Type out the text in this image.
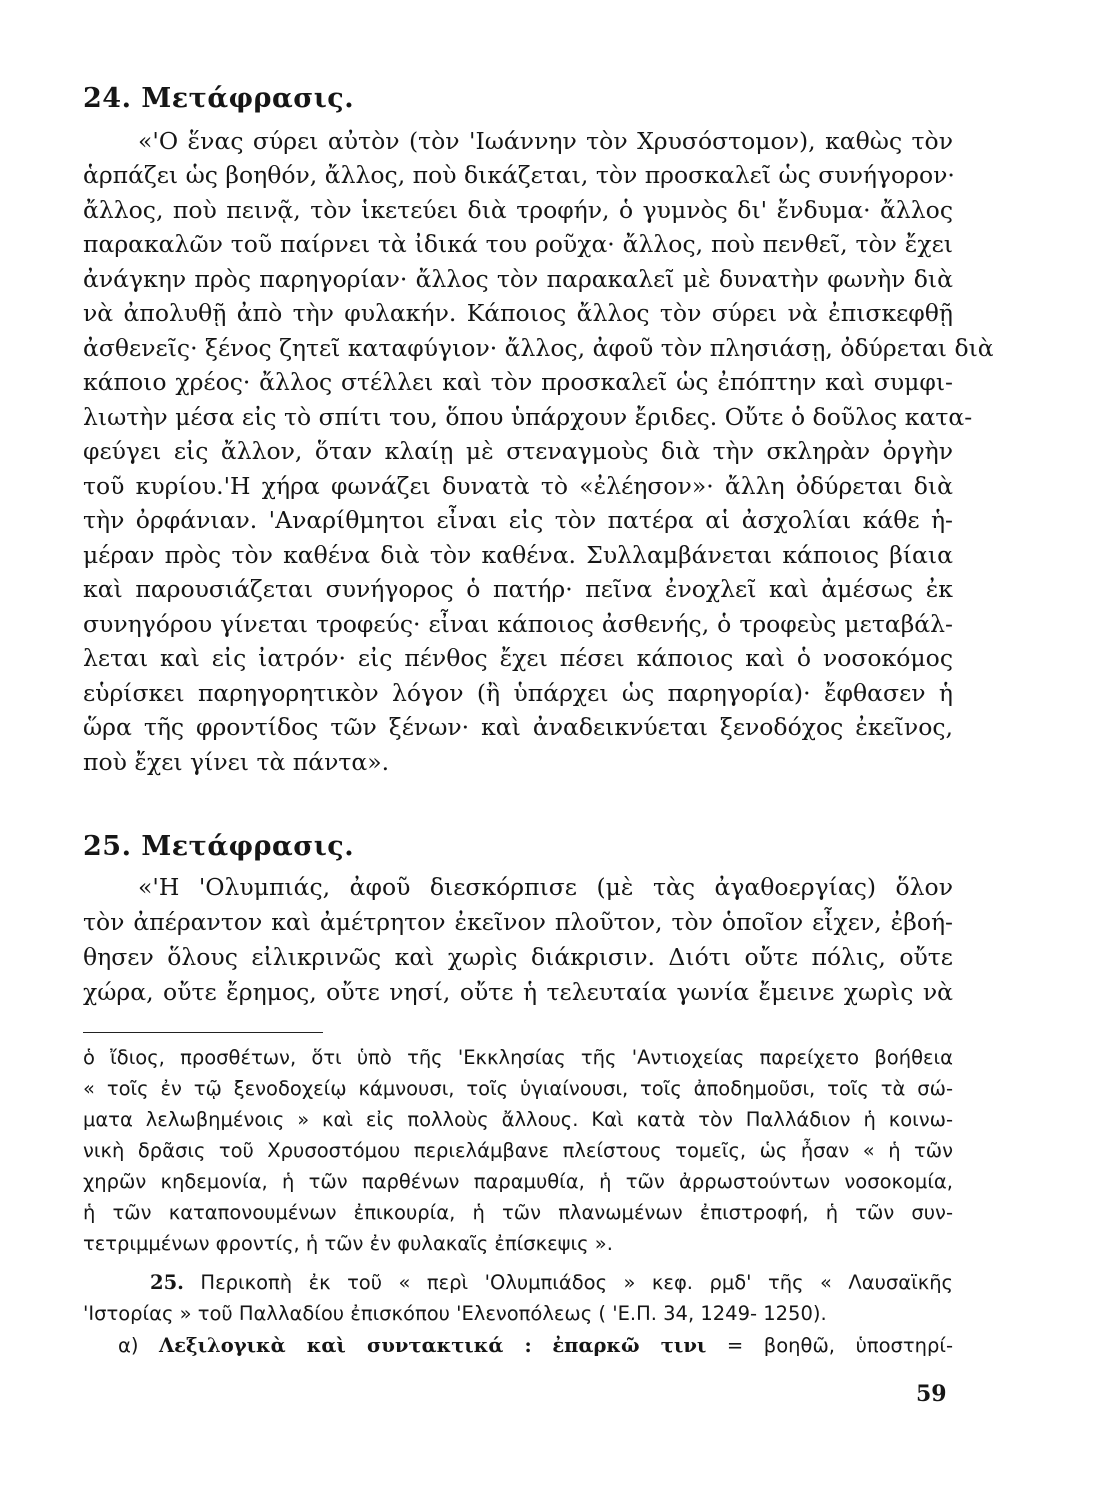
24. Μετάφρασις.
«'Ο ἕνας σύρει αὐτὸν (τὸν 'Ιωάννην τὸν Χρυσόστομον), καθὼς τὸν
ἁρπάζει ὡς βοηθόν, ἄλλος, ποὺ δικάζεται, τὸν προσκαλεῖ ὡς συνήγορον·
ἄλλος, ποὺ πεινᾷ, τὸν ἱκετεύει διὰ τροφήν, ὁ γυμνὸς δι' ἔνδυμα· ἄλλος
παρακαλῶν τοῦ παίρνει τὰ ἰδικά του ροῦχα· ἄλλος, ποὺ πενθεῖ, τὸν ἔχει
ἀνάγκην πρὸς παρηγορίαν· ἄλλος τὸν παρακαλεῖ μὲ δυνατὴν φωνὴν διὰ
νὰ ἀπολυθῇ ἀπὸ τὴν φυλακήν. Κάποιος ἄλλος τὸν σύρει νὰ ἐπισκεφθῇ
ἀσθενεῖς· ξένος ζητεῖ καταφύγιον· ἄλλος, ἀφοῦ τὸν πλησιάσῃ, ὀδύρεται διὰ
κάποιο χρέος· ἄλλος στέλλει καὶ τὸν προσκαλεῖ ὡς ἐπόπτην καὶ συμφι-
λιωτὴν μέσα εἰς τὸ σπίτι του, ὅπου ὑπάρχουν ἔριδες. Οὔτε ὁ δοῦλος κατα-
φεύγει εἰς ἄλλον, ὅταν κλαίῃ μὲ στεναγμοὺς διὰ τὴν σκληρὰν ὀργὴν
τοῦ κυρίου.'Η χήρα φωνάζει δυνατὰ τὸ «ἐλέησον»· ἄλλη ὀδύρεται διὰ
τὴν ὀρφάνιαν. 'Αναρίθμητοι εἶναι εἰς τὸν πατέρα αἱ ἀσχολίαι κάθε ἡ-
μέραν πρὸς τὸν καθένα διὰ τὸν καθένα. Συλλαμβάνεται κάποιος βίαια
καὶ παρουσιάζεται συνήγορος ὁ πατήρ· πεῖνα ἐνοχλεῖ καὶ ἀμέσως ἐκ
συνηγόρου γίνεται τροφεύς· εἶναι κάποιος ἀσθενής, ὁ τροφεὺς μεταβάλ-
λεται καὶ εἰς ἰατρόν· εἰς πένθος ἔχει πέσει κάποιος καὶ ὁ νοσοκόμος
εὑρίσκει παρηγορητικὸν λόγον (ἢ ὑπάρχει ὡς παρηγορία)· ἔφθασεν ἡ
ὥρα τῆς φροντίδος τῶν ξένων· καὶ ἀναδεικνύεται ξενοδόχος ἐκεῖνος,
ποὺ ἔχει γίνει τὰ πάντα».
25. Μετάφρασις.
«'Η 'Ολυμπιάς, ἀφοῦ διεσκόρπισε (μὲ τὰς ἀγαθοεργίας) ὅλον
τὸν ἀπέραντον καὶ ἀμέτρητον ἐκεῖνον πλοῦτον, τὸν ὁποῖον εἶχεν, ἐβοή-
θησεν ὅλους εἰλικρινῶς καὶ χωρὶς διάκρισιν. Διότι οὔτε πόλις, οὔτε
χώρα, οὔτε ἔρημος, οὔτε νησί, οὔτε ἡ τελευταία γωνία ἔμεινε χωρὶς νὰ
ὁ ἴδιος, προσθέτων, ὅτι ὑπὸ τῆς 'Εκκλησίας τῆς 'Αντιοχείας παρείχετο βοήθεια
« τοῖς ἐν τῷ ξενοδοχείῳ κάμνουσι, τοῖς ὑγιαίνουσι, τοῖς ἀποδημοῦσι, τοῖς τὰ σώ-
ματα λελωβημένοις » καὶ εἰς πολλοὺς ἄλλους. Καὶ κατὰ τὸν Παλλάδιον ἡ κοινω-
νικὴ δρᾶσις τοῦ Χρυσοστόμου περιελάμβανε πλείστους τομεῖς, ὡς ἦσαν « ἡ τῶν
χηρῶν κηδεμονία, ἡ τῶν παρθένων παραμυθία, ἡ τῶν ἀρρωστούντων νοσοκομία,
ἡ τῶν καταπονουμένων ἐπικουρία, ἡ τῶν πλανωμένων ἐπιστροφή, ἡ τῶν συν-
τετριμμένων φροντίς, ἡ τῶν ἐν φυλακαῖς ἐπίσκεψις ».
25. Περικοπὴ ἐκ τοῦ « περὶ 'Ολυμπιάδος » κεφ. ρμδ' τῆς « Λαυσαϊκῆς
'Ιστορίας » τοῦ Παλλαδίου ἐπισκόπου 'Ελενοπόλεως ( 'Ε.Π. 34, 1249- 1250).
α) Λεξιλογικὰ καὶ συντακτικά : ἐπαρκῶ τινι = βοηθῶ, ὑποστηρί-
59
